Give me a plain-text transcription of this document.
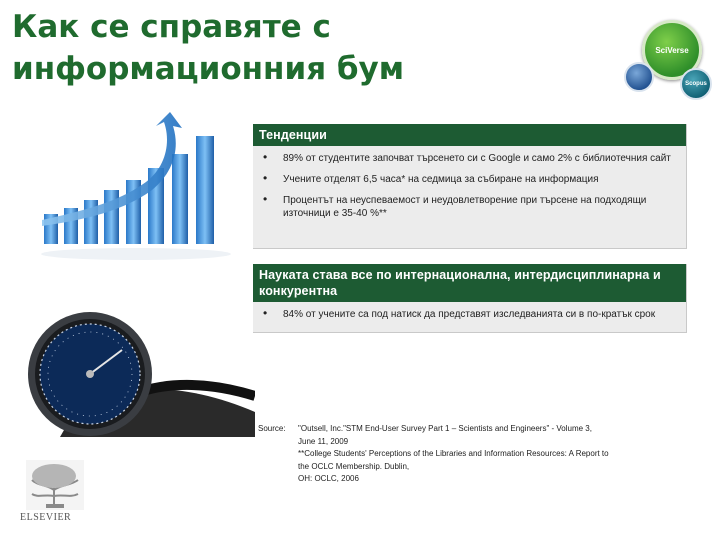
Как се справяте с информационния бум
SciVerse
Scopus
Тенденции
• 89% от студентите започват търсенето си с Google и само 2% с библиотечния сайт
• Учените отделят 6,5 часа* на седмица за събиране на информация
• Процентът на неуспеваемост и неудовлетворение при търсене на подходящи източници е 35-40 %**
Науката става все по интернационална, интердисциплинарна и конкурентна
• 84% от учените са под натиск да представят изследванията си в по-кратък срок
Source: "Outsell, Inc."STM End-User Survey Part 1 – Scientists and Engineers" - Volume 3,
June 11, 2009
**College Students' Perceptions of the Libraries and Information Resources: A Report to
the OCLC Membership. Dublin,
OH: OCLC, 2006
ELSEVIER
